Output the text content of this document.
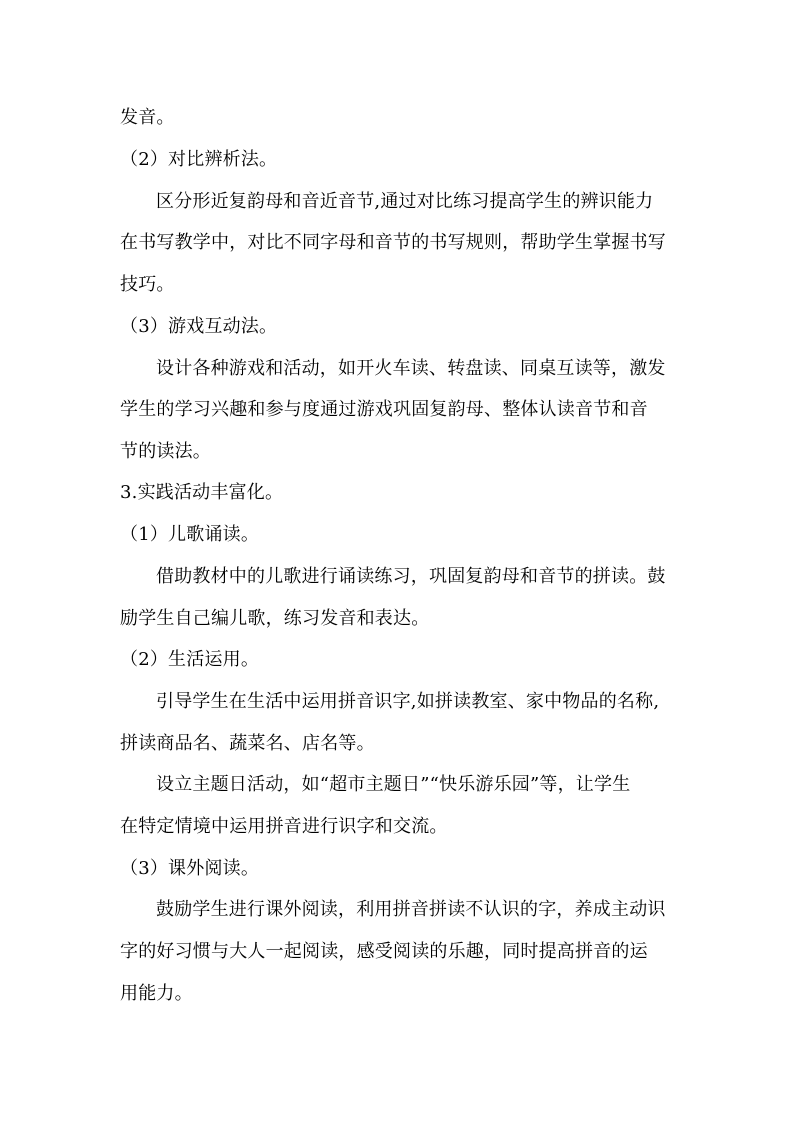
发音。
（2）对比辨析法。
区分形近复韵母和音近音节,通过对比练习提高学生的辨识能力
在书写教学中，对比不同字母和音节的书写规则，帮助学生掌握书写
技巧。
（3）游戏互动法。
设计各种游戏和活动，如开火车读、转盘读、同桌互读等，激发
学生的学习兴趣和参与度通过游戏巩固复韵母、整体认读音节和音
节的读法。
3.实践活动丰富化。
（1）儿歌诵读。
借助教材中的儿歌进行诵读练习，巩固复韵母和音节的拼读。鼓
励学生自己编儿歌，练习发音和表达。
（2）生活运用。
引导学生在生活中运用拼音识字,如拼读教室、家中物品的名称,
拼读商品名、蔬菜名、店名等。
设立主题日活动，如“超市主题日”“快乐游乐园”等，让学生
在特定情境中运用拼音进行识字和交流。
（3）课外阅读。
鼓励学生进行课外阅读，利用拼音拼读不认识的字，养成主动识
字的好习惯与大人一起阅读，感受阅读的乐趣，同时提高拼音的运
用能力。
